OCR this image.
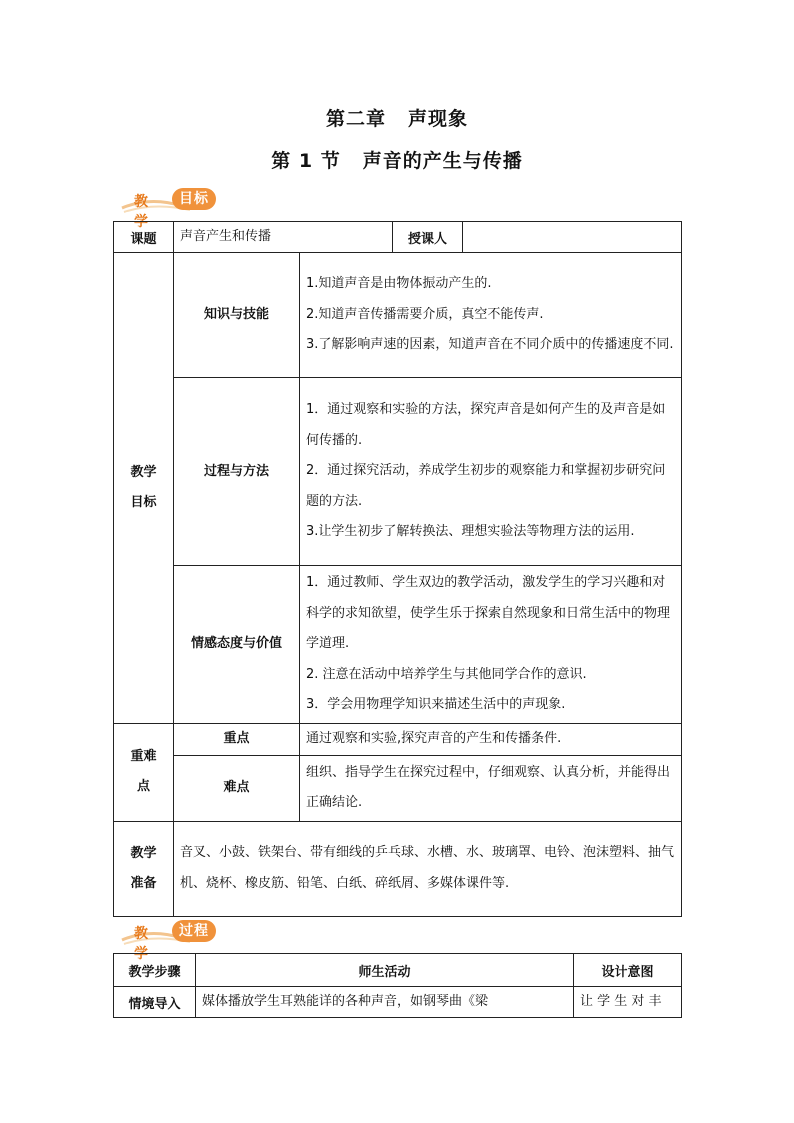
第二章 声现象
第 1 节 声音的产生与传播
教学
目标
课题	声音产生和传播		授课人	
教学目标	知识与技能	1.知道声音是由物体振动产生的.
2.知道声音传播需要介质，真空不能传声.
3.了解影响声速的因素，知道声音在不同介质中的传播速度不同.		

	过程与方法	1．通过观察和实验的方法，探究声音是如何产生的及声音是如何传播的.
2．通过探究活动，养成学生初步的观察能力和掌握初步研究问题的方法.
3.让学生初步了解转换法、理想实验法等物理方法的运用.		

	情感态度与价值	1．通过教师、学生双边的教学活动，激发学生的学习兴趣和对科学的求知欲望，使学生乐于探索自然现象和日常生活中的物理学道理.
2. 注意在活动中培养学生与其他同学合作的意识.
3．学会用物理学知识来描述生活中的声现象.		

重难点	重点	通过观察和实验,探究声音的产生和传播条件.		
	难点	组织、指导学生在探究过程中，仔细观察、认真分析，并能得出正确结论.		
教学准备	音叉、小鼓、铁架台、带有细线的乒乓球、水槽、水、玻璃罩、电铃、泡沫塑料、抽气机、烧杯、橡皮筋、铅笔、白纸、碎纸屑、多媒体课件等.			
教学
过程
教学步骤	师生活动	设计意图
情境导入	媒体播放学生耳熟能详的各种声音，如钢琴曲《梁	让 学 生 对 丰
